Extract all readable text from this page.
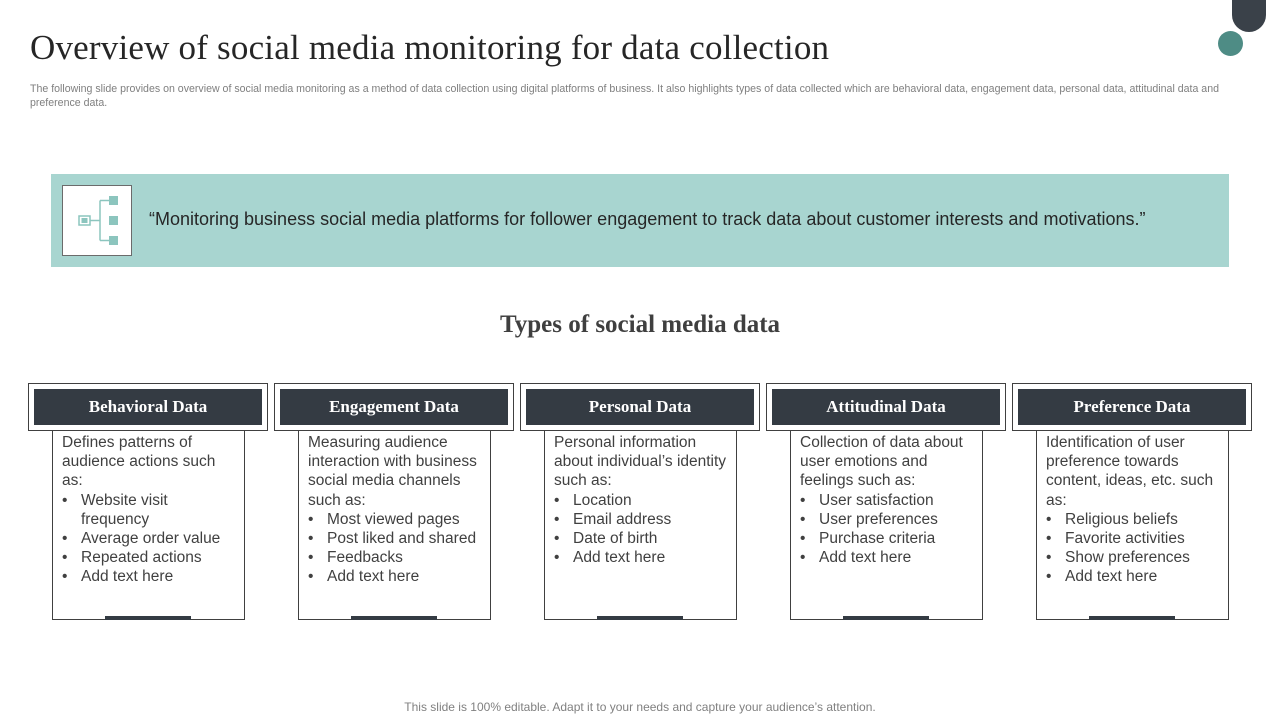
Overview of social media monitoring for data collection
The following slide provides on overview of social media monitoring as a method of data collection using digital platforms of business. It also highlights types of data collected which are behavioral data, engagement data, personal data, attitudinal data and preference data.
“Monitoring business social media platforms for follower engagement to track data about customer interests and motivations.”
Types of social media data
Behavioral Data
Defines patterns of audience actions such as:
• Website visit frequency
• Average order value
• Repeated actions
• Add text here
Engagement Data
Measuring audience interaction with business social media channels such as:
• Most viewed pages
• Post liked and shared
• Feedbacks
• Add text here
Personal Data
Personal information about individual’s identity such as:
• Location
• Email address
• Date of birth
• Add text here
Attitudinal Data
Collection of data about user emotions and feelings such as:
• User satisfaction
• User preferences
• Purchase criteria
• Add text here
Preference Data
Identification of user preference towards content, ideas, etc. such as:
• Religious beliefs
• Favorite activities
• Show preferences
• Add text here
This slide is 100% editable. Adapt it to your needs and capture your audience’s attention.
